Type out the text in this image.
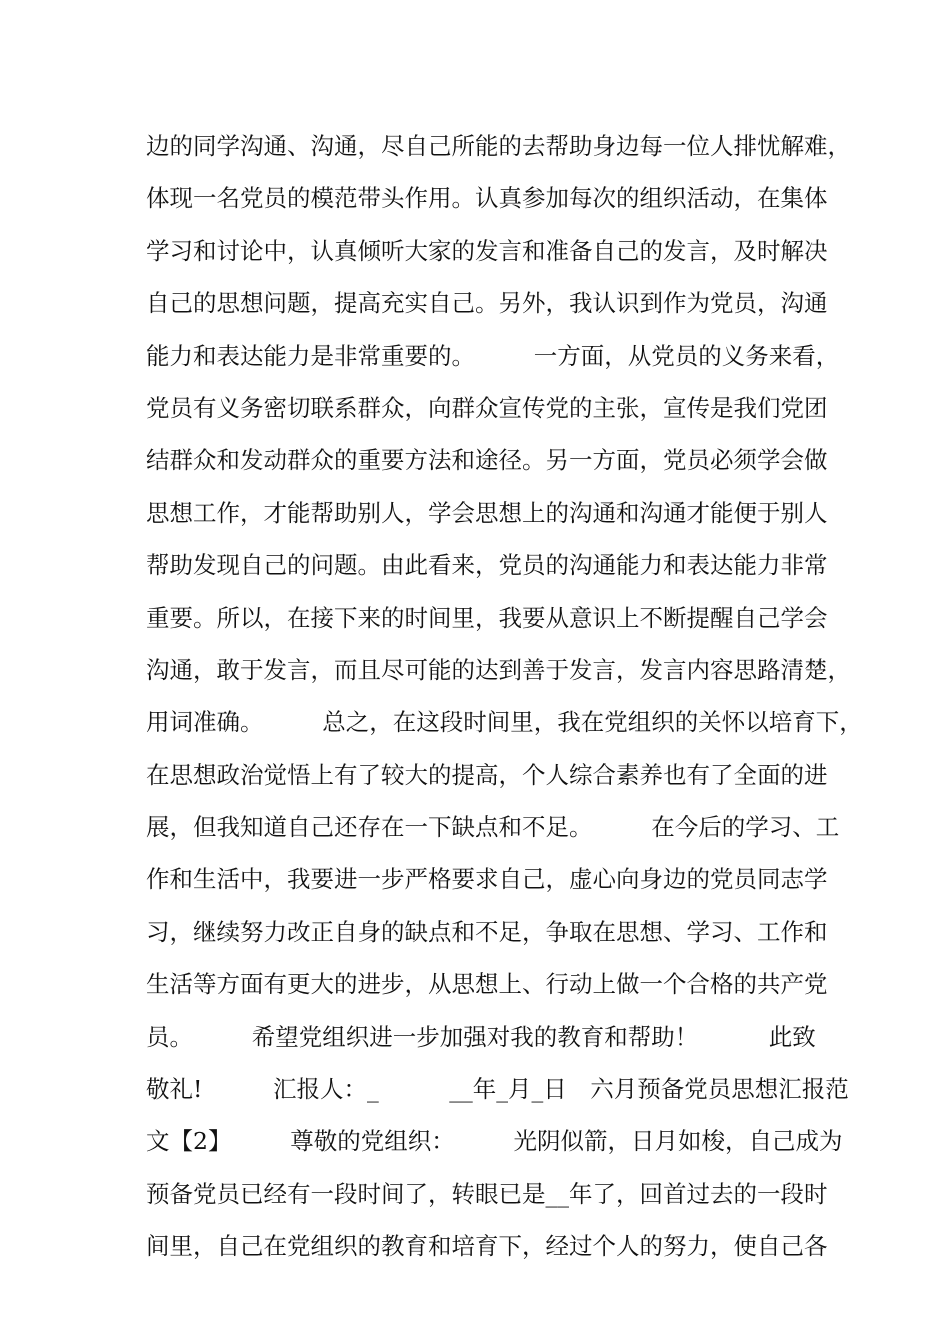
边的同学沟通、沟通，尽自己所能的去帮助身边每一位人排忧解难，
体现一名党员的模范带头作用。认真参加每次的组织活动，在集体
学习和讨论中，认真倾听大家的发言和准备自己的发言，及时解决
自己的思想问题，提高充实自己。另外，我认识到作为党员，沟通
能力和表达能力是非常重要的。　　　一方面，从党员的义务来看，
党员有义务密切联系群众，向群众宣传党的主张，宣传是我们党团
结群众和发动群众的重要方法和途径。另一方面，党员必须学会做
思想工作，才能帮助别人，学会思想上的沟通和沟通才能便于别人
帮助发现自己的问题。由此看来，党员的沟通能力和表达能力非常
重要。所以，在接下来的时间里，我要从意识上不断提醒自己学会
沟通，敢于发言，而且尽可能的达到善于发言，发言内容思路清楚，
用词准确。　　　总之，在这段时间里，我在党组织的关怀以培育下，
在思想政治觉悟上有了较大的提高，个人综合素养也有了全面的进
展，但我知道自己还存在一下缺点和不足。　　　在今后的学习、工
作和生活中，我要进一步严格要求自己，虚心向身边的党员同志学
习，继续努力改正自身的缺点和不足，争取在思想、学习、工作和
生活等方面有更大的进步，从思想上、行动上做一个合格的共产党
员。　　　希望党组织进一步加强对我的教育和帮助！　　　此致
敬礼!　　　汇报人：_　　　__年_月_日　六月预备党员思想汇报范
文【2】　　　尊敬的党组织：　　　光阴似箭，日月如梭，自己成为
预备党员已经有一段时间了，转眼已是__年了，回首过去的一段时
间里，自己在党组织的教育和培育下，经过个人的努力，使自己各
